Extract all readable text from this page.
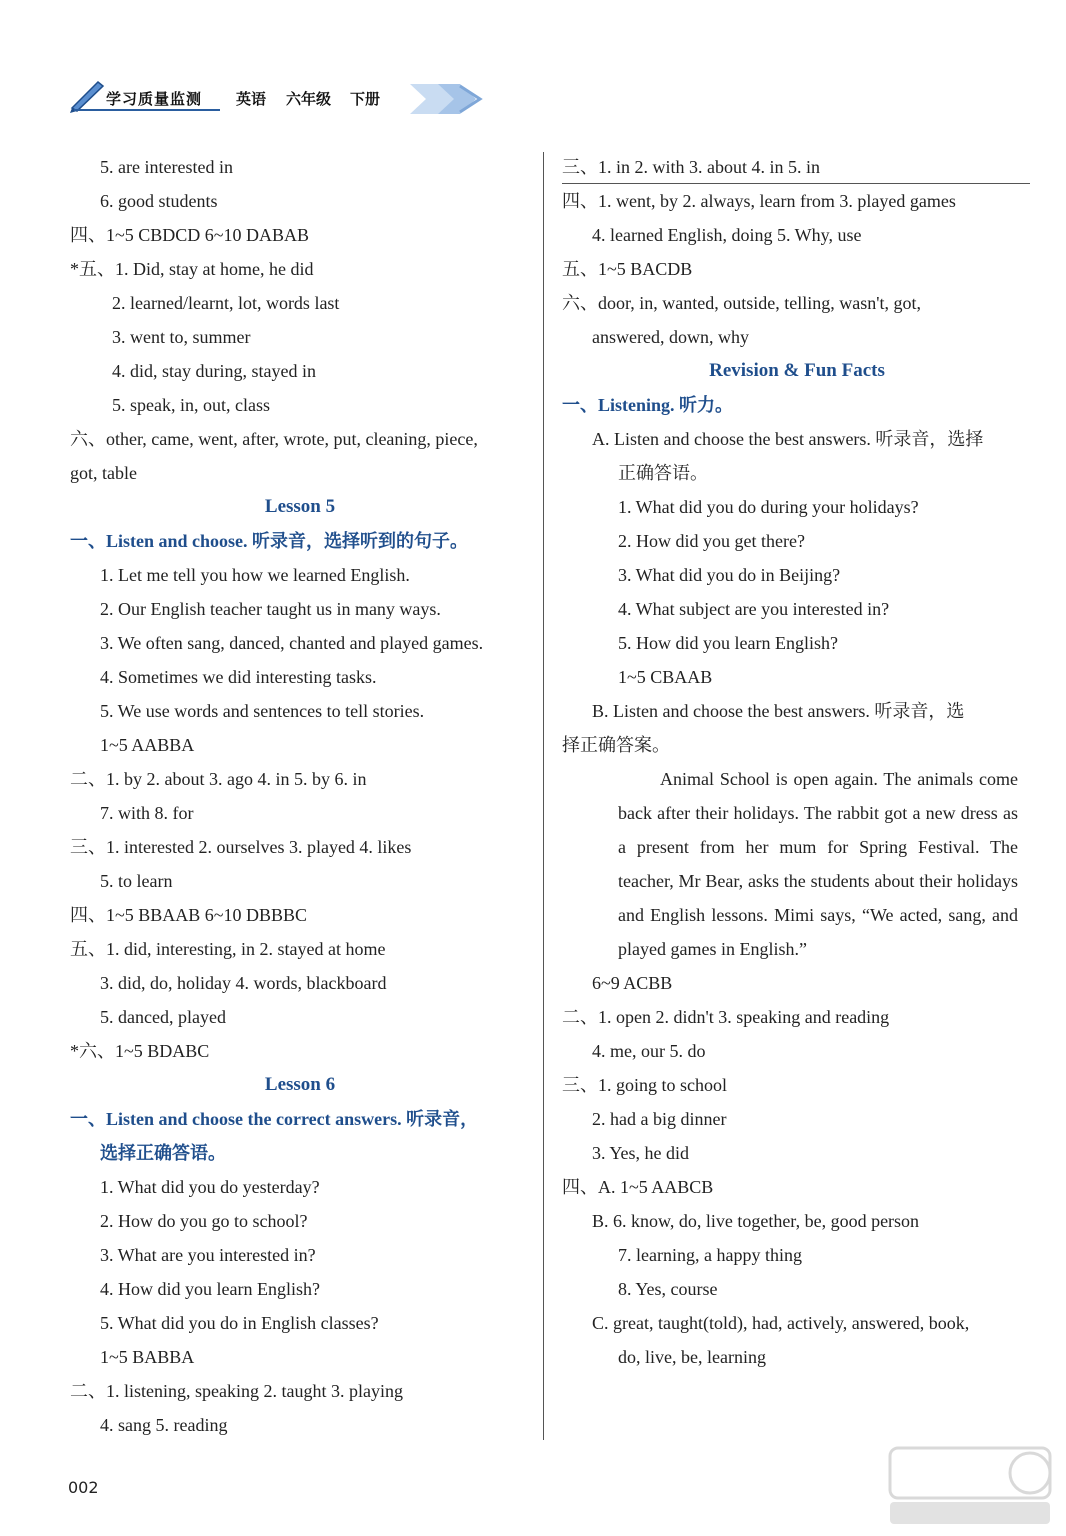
学习质量监测 英语 六年级 下册
5. are interested in
6. good students
四、1~5 CBDCD 6~10 DABAB
*五、1. Did, stay at home, he did
2. learned/learnt, lot, words last
3. went to, summer
4. did, stay during, stayed in
5. speak, in, out, class
六、other, came, went, after, wrote, put, cleaning, piece,
got, table
Lesson 5
一、Listen and choose. 听录音，选择听到的句子。
1. Let me tell you how we learned English.
2. Our English teacher taught us in many ways.
3. We often sang, danced, chanted and played games.
4. Sometimes we did interesting tasks.
5. We use words and sentences to tell stories.
1~5 AABBA
二、1. by 2. about 3. ago 4. in 5. by 6. in
7. with 8. for
三、1. interested 2. ourselves 3. played 4. likes
5. to learn
四、1~5 BBAAB 6~10 DBBBC
五、1. did, interesting, in 2. stayed at home
3. did, do, holiday 4. words, blackboard
5. danced, played
*六、1~5 BDABC
Lesson 6
一、Listen and choose the correct answers. 听录音，
选择正确答语。
1. What did you do yesterday?
2. How do you go to school?
3. What are you interested in?
4. How did you learn English?
5. What did you do in English classes?
1~5 BABBA
二、1. listening, speaking 2. taught 3. playing
4. sang 5. reading
三、1. in 2. with 3. about 4. in 5. in
四、1. went, by 2. always, learn from 3. played games
4. learned English, doing 5. Why, use
五、1~5 BACDB
六、door, in, wanted, outside, telling, wasn't, got,
answered, down, why
Revision & Fun Facts
一、Listening. 听力。
A. Listen and choose the best answers. 听录音，选择
正确答语。
1. What did you do during your holidays?
2. How did you get there?
3. What did you do in Beijing?
4. What subject are you interested in?
5. How did you learn English?
1~5 CBAAB
B. Listen and choose the best answers. 听录音，选
择正确答案。
Animal School is open again. The animals come back after their holidays. The rabbit got a new dress as a present from her mum for Spring Festival. The teacher, Mr Bear, asks the students about their holidays and English lessons. Mimi says, “We acted, sang, and played games in English.”
6~9 ACBB
二、1. open 2. didn't 3. speaking and reading
4. me, our 5. do
三、1. going to school
2. had a big dinner
3. Yes, he did
四、A. 1~5 AABCB
B. 6. know, do, live together, be, good person
7. learning, a happy thing
8. Yes, course
C. great, taught(told), had, actively, answered, book,
do, live, be, learning
002
